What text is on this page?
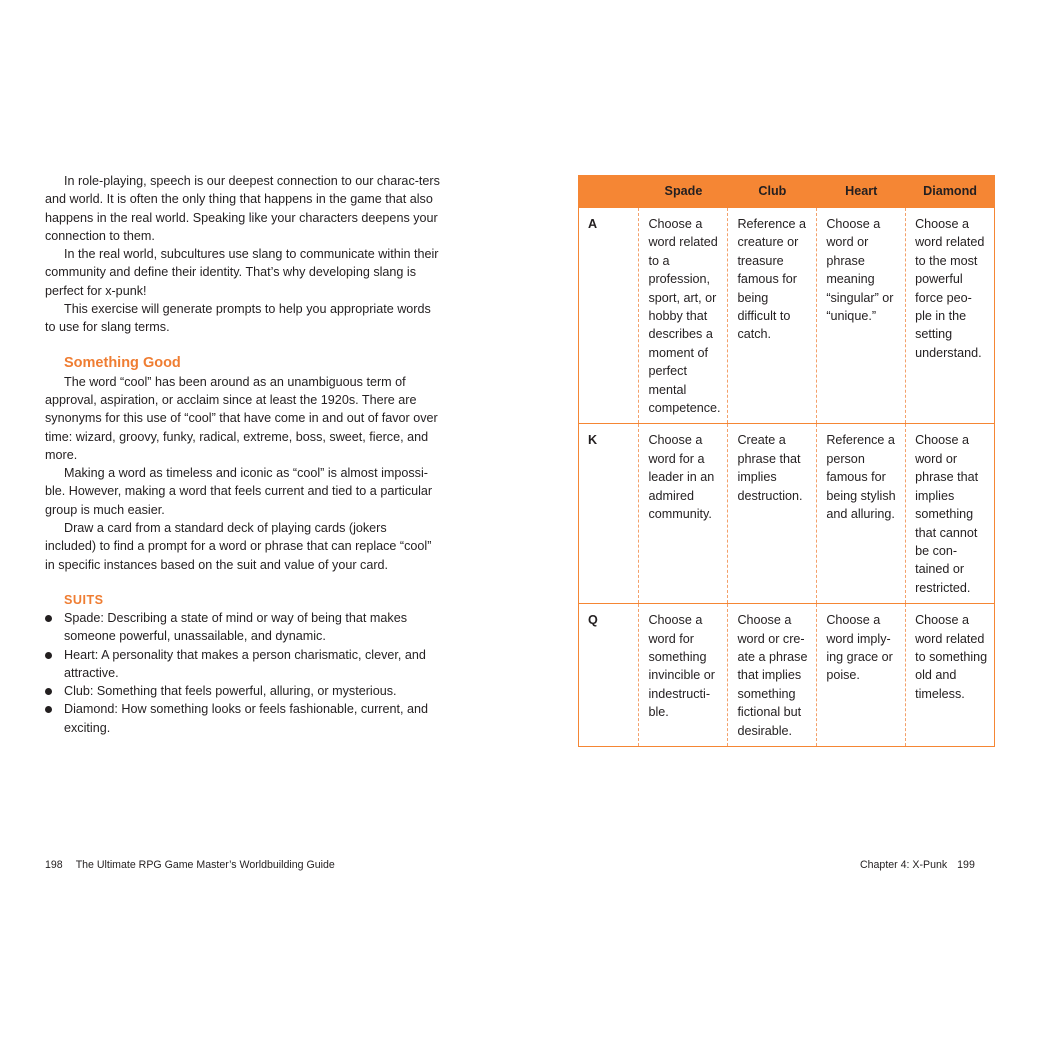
In role-playing, speech is our deepest connection to our charac-ters and world. It is often the only thing that happens in the game that also happens in the real world. Speaking like your characters deepens your connection to them.

In the real world, subcultures use slang to communicate within their community and define their identity. That’s why developing slang is perfect for x-punk!

This exercise will generate prompts to help you appropriate words to use for slang terms.

Something Good

The word “cool” has been around as an unambiguous term of approval, aspiration, or acclaim since at least the 1920s. There are synonyms for this use of “cool” that have come in and out of favor over time: wizard, groovy, funky, radical, extreme, boss, sweet, fierce, and more.

Making a word as timeless and iconic as “cool” is almost impossi-ble. However, making a word that feels current and tied to a particular group is much easier.

Draw a card from a standard deck of playing cards (jokers included) to find a prompt for a word or phrase that can replace “cool” in specific instances based on the suit and value of your card.

SUITS
Spade: Describing a state of mind or way of being that makes someone powerful, unassailable, and dynamic.
Heart: A personality that makes a person charismatic, clever, and attractive.
Club: Something that feels powerful, alluring, or mysterious.
Diamond: How something looks or feels fashionable, current, and exciting.
	Spade	Club	Heart	Diamond
A	Choose a word related to a profession, sport, art, or hobby that describes a moment of perfect mental competence.	Reference a creature or treasure famous for being difficult to catch.	Choose a word or phrase meaning “singular” or “unique.”	Choose a word related to the most powerful force peo-ple in the setting understand.
K	Choose a word for a leader in an admired community.	Create a phrase that implies destruction.	Reference a person famous for being stylish and alluring.	Choose a word or phrase that implies something that cannot be con-tained or restricted.
Q	Choose a word for something invincible or indestructi-ble.	Choose a word or cre-ate a phrase that implies something fictional but desirable.	Choose a word imply-ing grace or poise.	Choose a word related to something old and timeless.
198 The Ultimate RPG Game Master’s Worldbuilding Guide	Chapter 4: X-Punk 199
